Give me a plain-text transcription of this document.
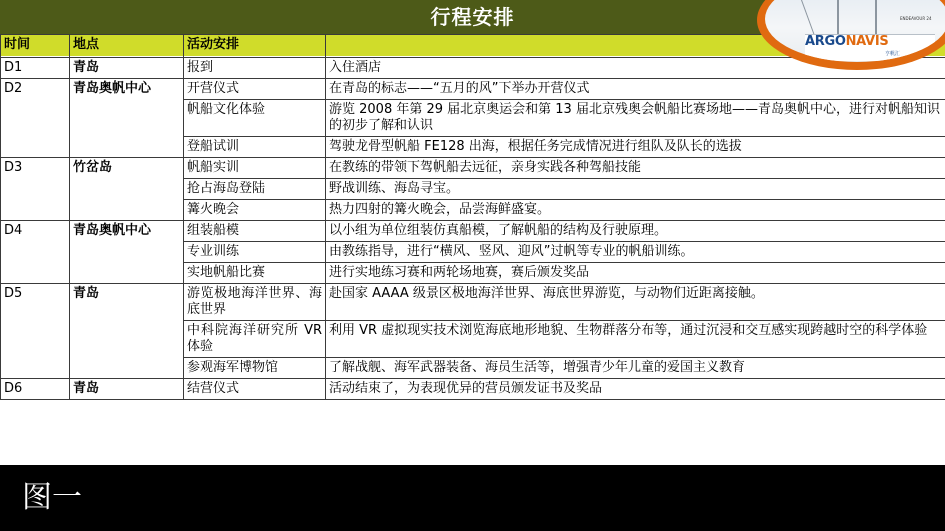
行程安排
时间	地点	活动安排	
D1	青岛	报到	入住酒店
D2	青岛奥帆中心	开营仪式	在青岛的标志——“五月的风”下举办开营仪式
		帆船文化体验	游览 2008 年第 29 届北京奥运会和第 13 届北京残奥会帆船比赛场地——青岛奥帆中心，进行对帆船知识的初步了解和认识
		登船试训	驾驶龙骨型帆船 FE128 出海，根据任务完成情况进行组队及队长的选拔
D3	竹岔岛	帆船实训	在教练的带领下驾帆船去远征，亲身实践各种驾船技能
		抢占海岛登陆	野战训练、海岛寻宝。
		篝火晚会	热力四射的篝火晚会，品尝海鲜盛宴。
D4	青岛奥帆中心	组装船模	以小组为单位组装仿真船模，了解帆船的结构及行驶原理。
		专业训练	由教练指导，进行“横风、竖风、迎风”过帆等专业的帆船训练。
		实地帆船比赛	进行实地练习赛和两轮场地赛，赛后颁发奖品
D5	青岛	游览极地海洋世界、海底世界	赴国家 AAAA 级景区极地海洋世界、海底世界游览，与动物们近距离接触。
		中科院海洋研究所 VR 体验	利用 VR 虚拟现实技术浏览海底地形地貌、生物群落分布等，通过沉浸和交互感实现跨越时空的科学体验
		参观海军博物馆	了解战舰、海军武器装备、海员生活等，增强青少年儿童的爱国主义教育
D6	青岛	结营仪式	活动结束了，为表现优异的营员颁发证书及奖品
ENDEAVOUR 24
ARGONAVIS
亨帆汇
图一
